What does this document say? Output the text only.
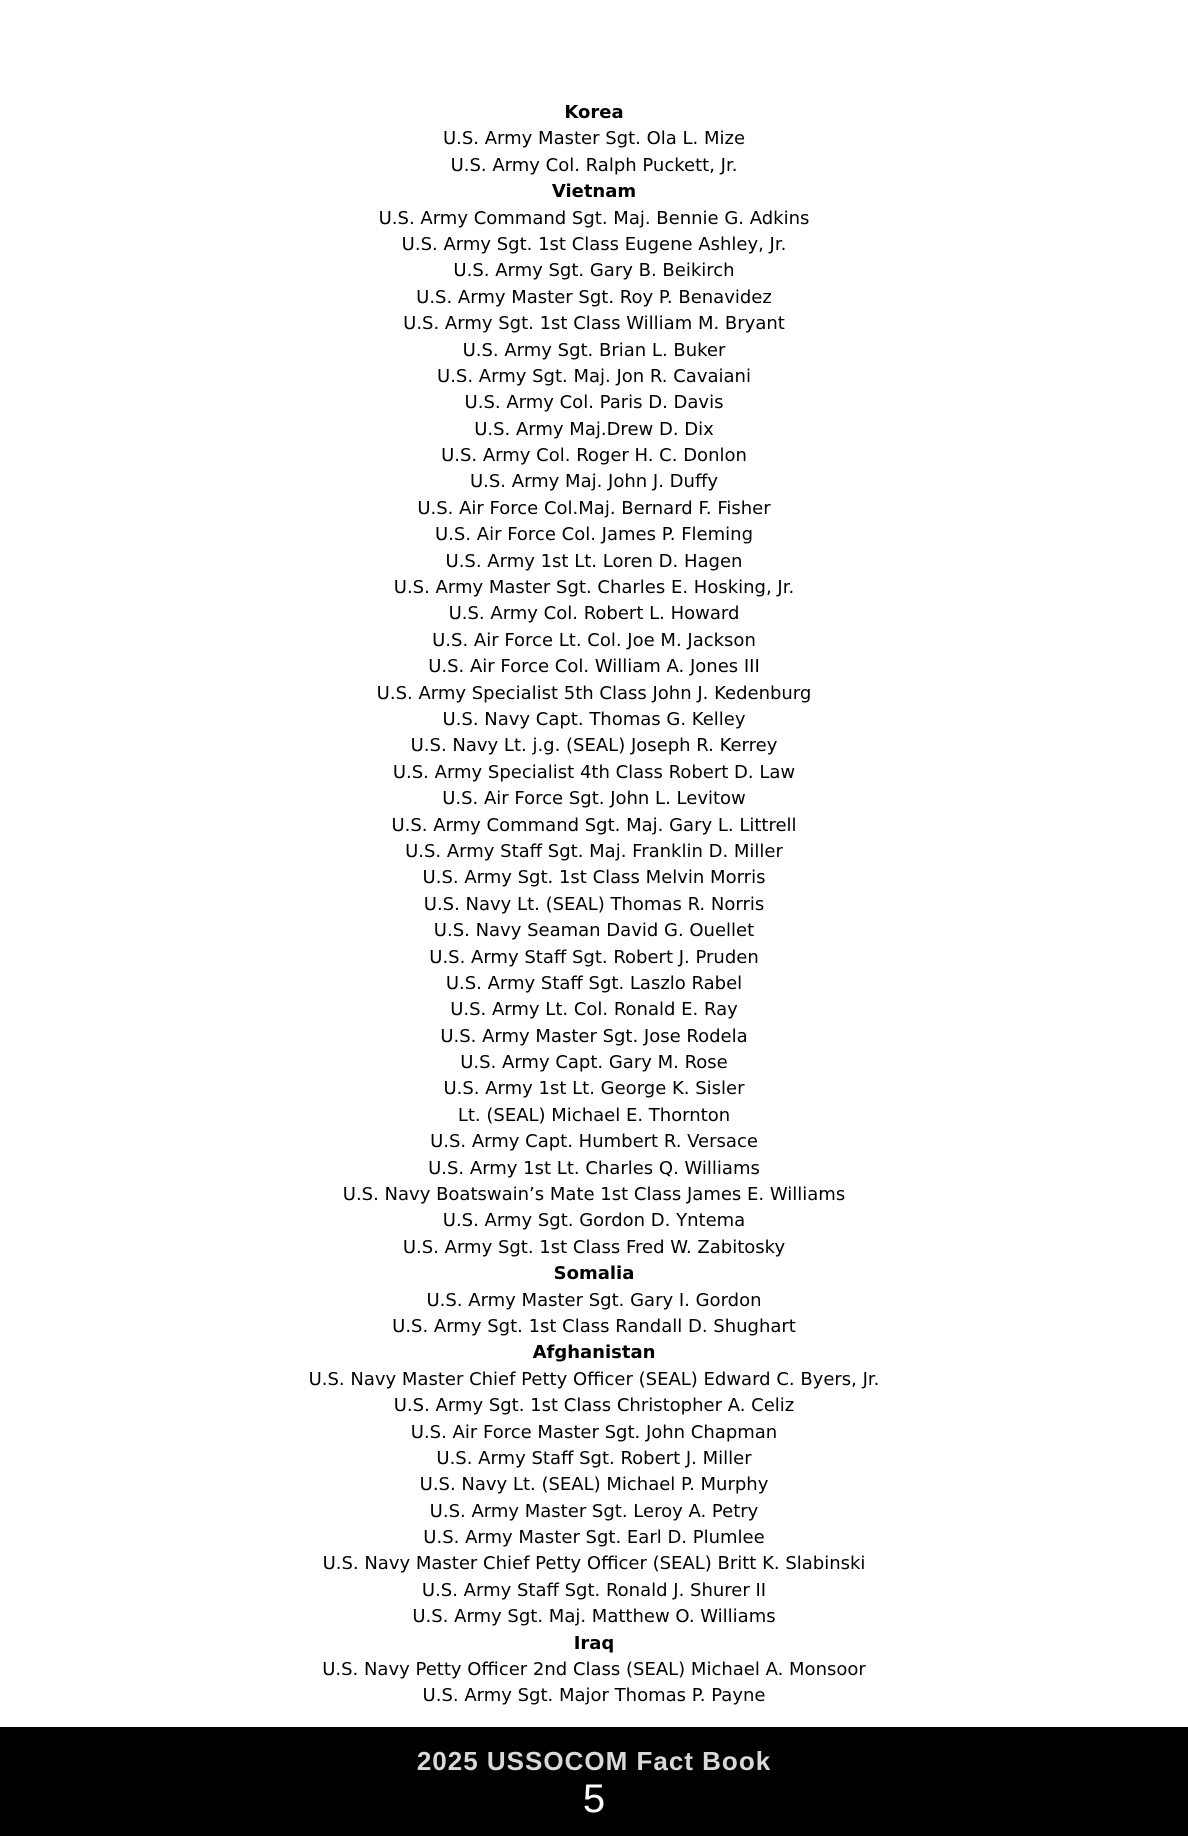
Korea
U.S. Army Master Sgt. Ola L. Mize
U.S. Army Col. Ralph Puckett, Jr.
Vietnam
U.S. Army Command Sgt. Maj. Bennie G. Adkins
U.S. Army Sgt. 1st Class Eugene Ashley, Jr.
U.S. Army Sgt. Gary B. Beikirch
U.S. Army Master Sgt. Roy P. Benavidez
U.S. Army Sgt. 1st Class William M. Bryant
U.S. Army Sgt. Brian L. Buker
U.S. Army Sgt. Maj. Jon R. Cavaiani
U.S. Army Col. Paris D. Davis
U.S. Army Maj.Drew D. Dix
U.S. Army Col. Roger H. C. Donlon
U.S. Army Maj. John J. Duffy
U.S. Air Force Col.Maj. Bernard F. Fisher
U.S. Air Force Col. James P. Fleming
U.S. Army 1st Lt. Loren D. Hagen
U.S. Army Master Sgt. Charles E. Hosking, Jr.
U.S. Army Col. Robert L. Howard
U.S. Air Force Lt. Col. Joe M. Jackson
U.S. Air Force Col. William A. Jones III
U.S. Army Specialist 5th Class John J. Kedenburg
U.S. Navy Capt. Thomas G. Kelley
U.S. Navy Lt. j.g. (SEAL) Joseph R. Kerrey
U.S. Army Specialist 4th Class Robert D. Law
U.S. Air Force Sgt. John L. Levitow
U.S. Army Command Sgt. Maj. Gary L. Littrell
U.S. Army Staff Sgt. Maj. Franklin D. Miller
U.S. Army Sgt. 1st Class Melvin Morris
U.S. Navy Lt. (SEAL) Thomas R. Norris
U.S. Navy Seaman David G. Ouellet
U.S. Army Staff Sgt. Robert J. Pruden
U.S. Army Staff Sgt. Laszlo Rabel
U.S. Army Lt. Col. Ronald E. Ray
U.S. Army Master Sgt. Jose Rodela
U.S. Army Capt. Gary M. Rose
U.S. Army 1st Lt. George K. Sisler
Lt. (SEAL) Michael E. Thornton
U.S. Army Capt. Humbert R. Versace
U.S. Army 1st Lt. Charles Q. Williams
U.S. Navy Boatswain’s Mate 1st Class James E. Williams
U.S. Army Sgt. Gordon D. Yntema
U.S. Army Sgt. 1st Class Fred W. Zabitosky
Somalia
U.S. Army Master Sgt. Gary I. Gordon
U.S. Army Sgt. 1st Class Randall D. Shughart
Afghanistan
U.S. Navy Master Chief Petty Officer (SEAL) Edward C. Byers, Jr.
U.S. Army Sgt. 1st Class Christopher A. Celiz
U.S. Air Force Master Sgt. John Chapman
U.S. Army Staff Sgt. Robert J. Miller
U.S. Navy Lt. (SEAL) Michael P. Murphy
U.S. Army Master Sgt. Leroy A. Petry
U.S. Army Master Sgt. Earl D. Plumlee
U.S. Navy Master Chief Petty Officer (SEAL) Britt K. Slabinski
U.S. Army Staff Sgt. Ronald J. Shurer II
U.S. Army Sgt. Maj. Matthew O. Williams
Iraq
U.S. Navy Petty Officer 2nd Class (SEAL) Michael A. Monsoor
U.S. Army Sgt. Major Thomas P. Payne
2025 USSOCOM Fact Book
5
